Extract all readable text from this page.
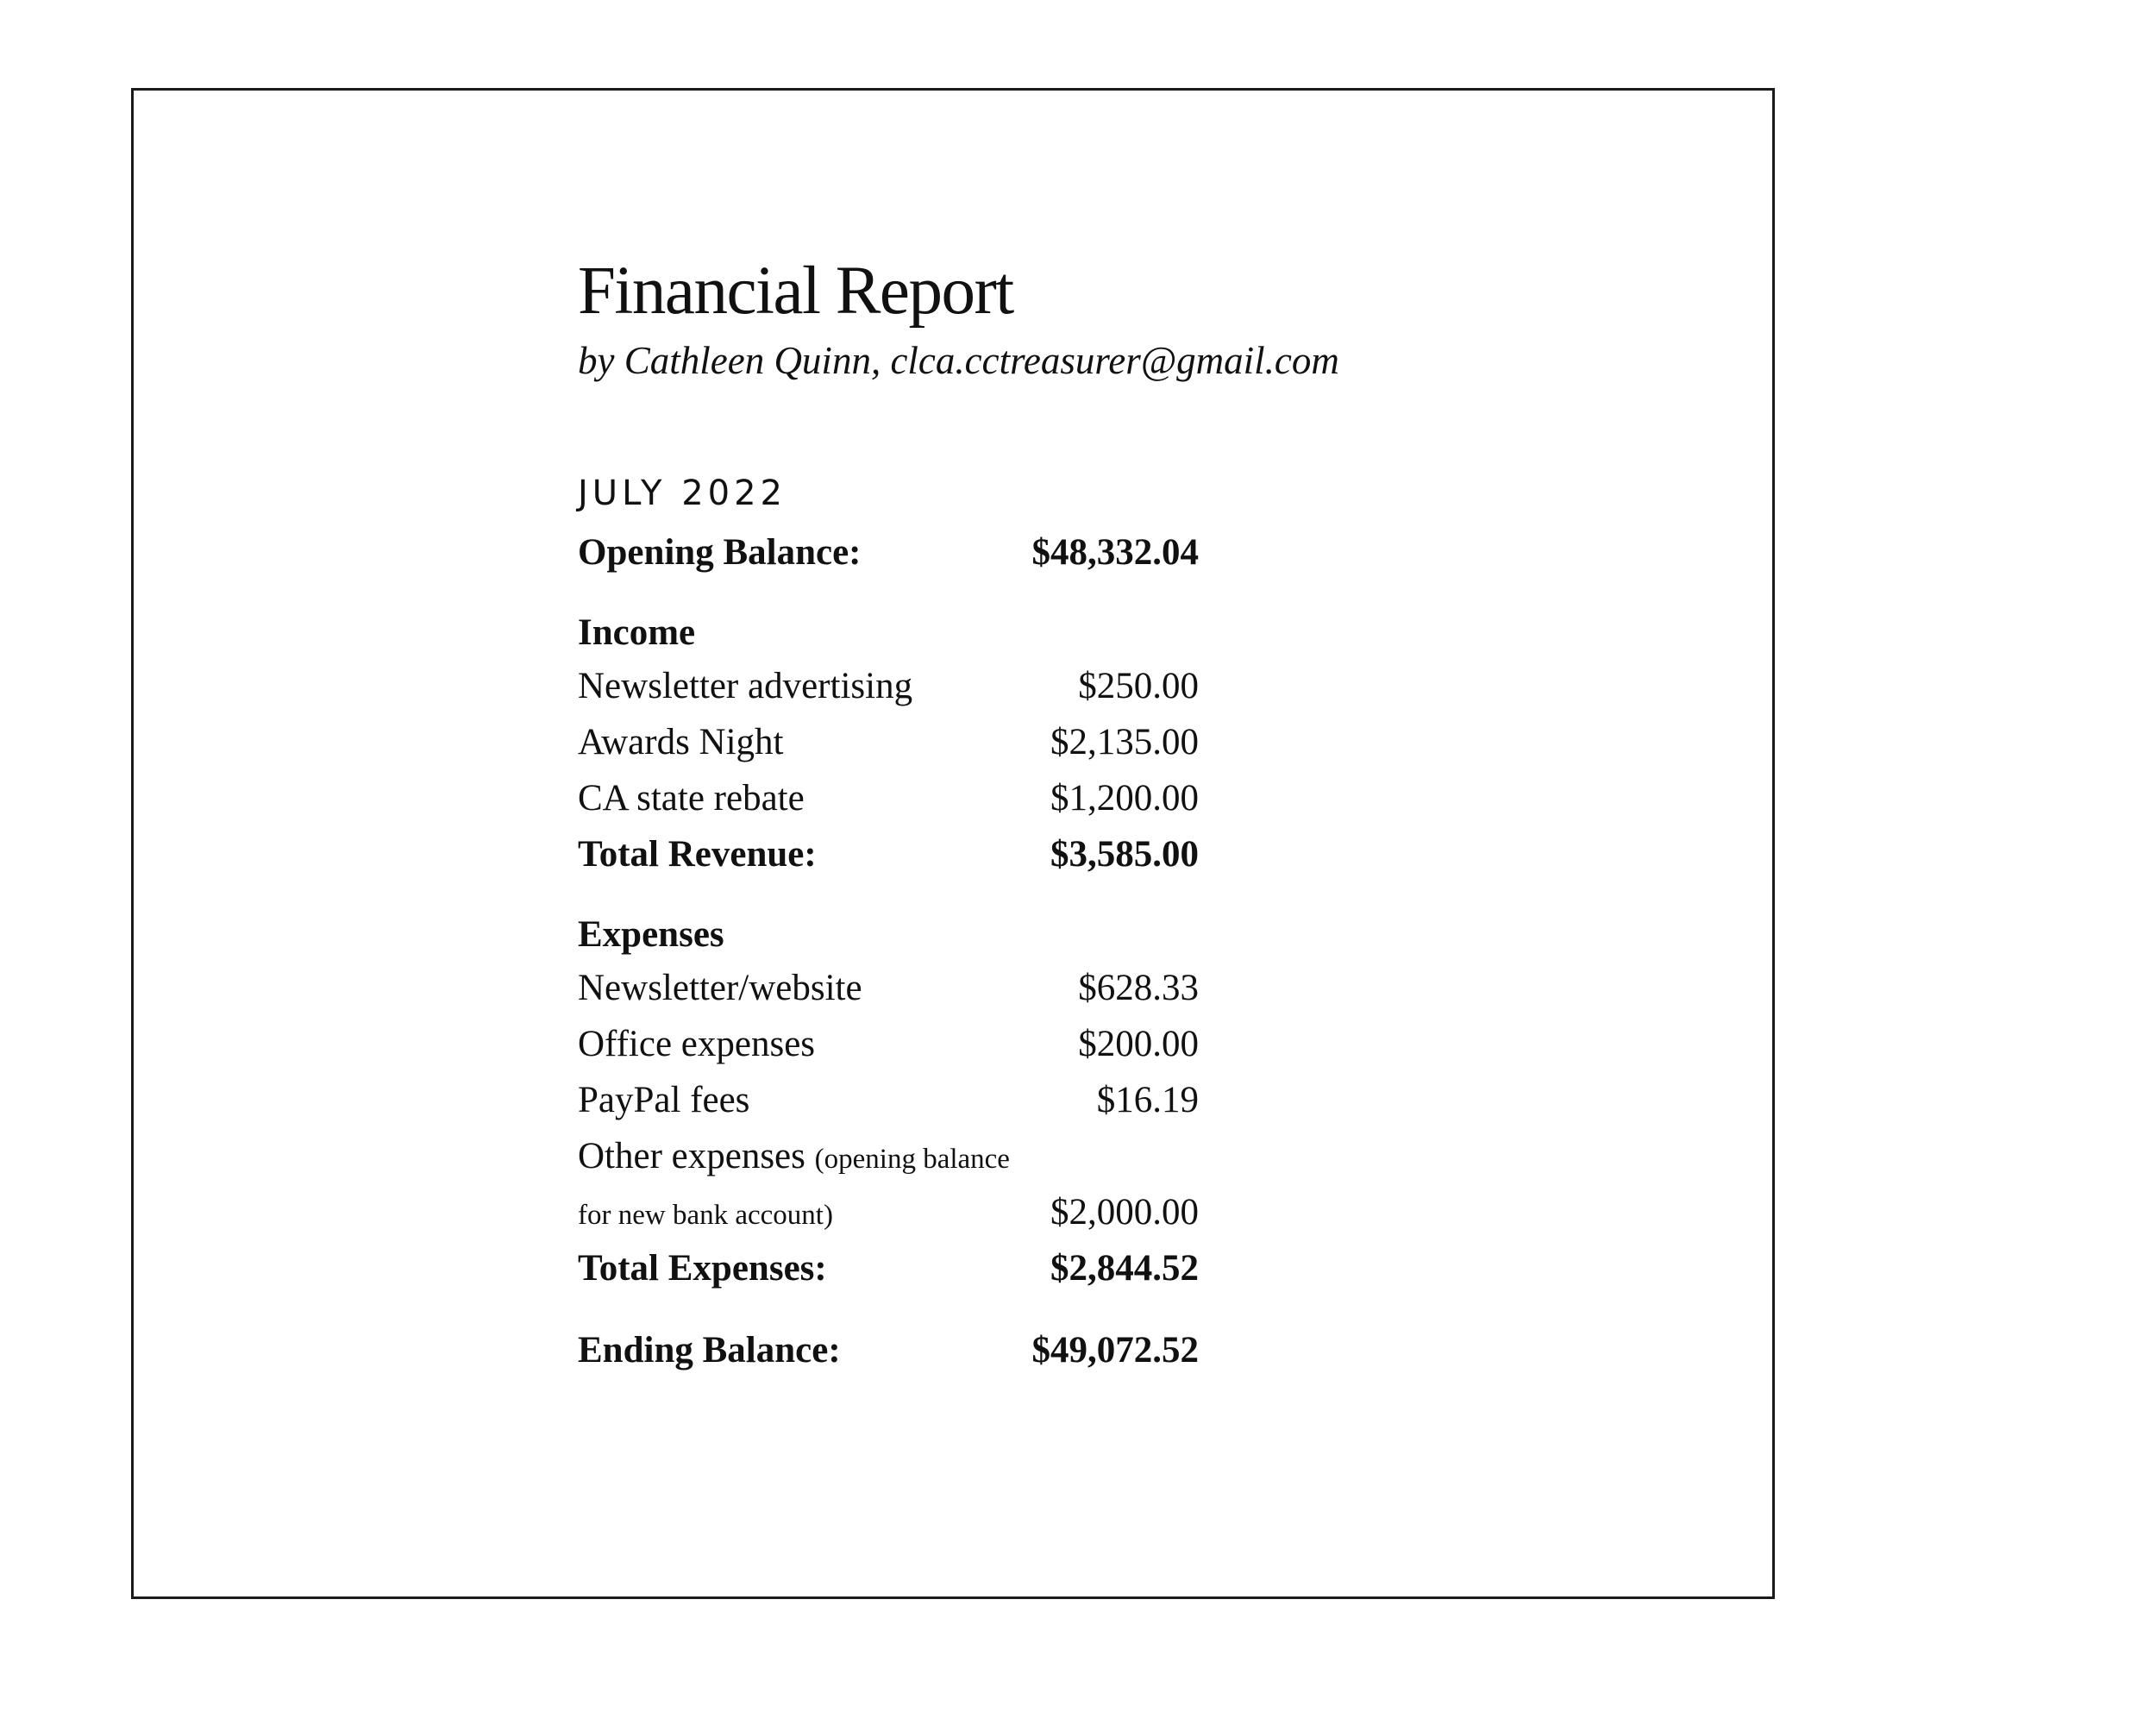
Financial Report
by Cathleen Quinn, clca.cctreasurer@gmail.com
JULY 2022
Opening Balance:	$48,332.04
Income
Newsletter advertising	$250.00
Awards Night	$2,135.00
CA state rebate	$1,200.00
Total Revenue:	$3,585.00
Expenses
Newsletter/website	$628.33
Office expenses	$200.00
PayPal fees	$16.19
Other expenses (opening balance
for new bank account)	$2,000.00
Total Expenses:	$2,844.52
Ending Balance:	$49,072.52
